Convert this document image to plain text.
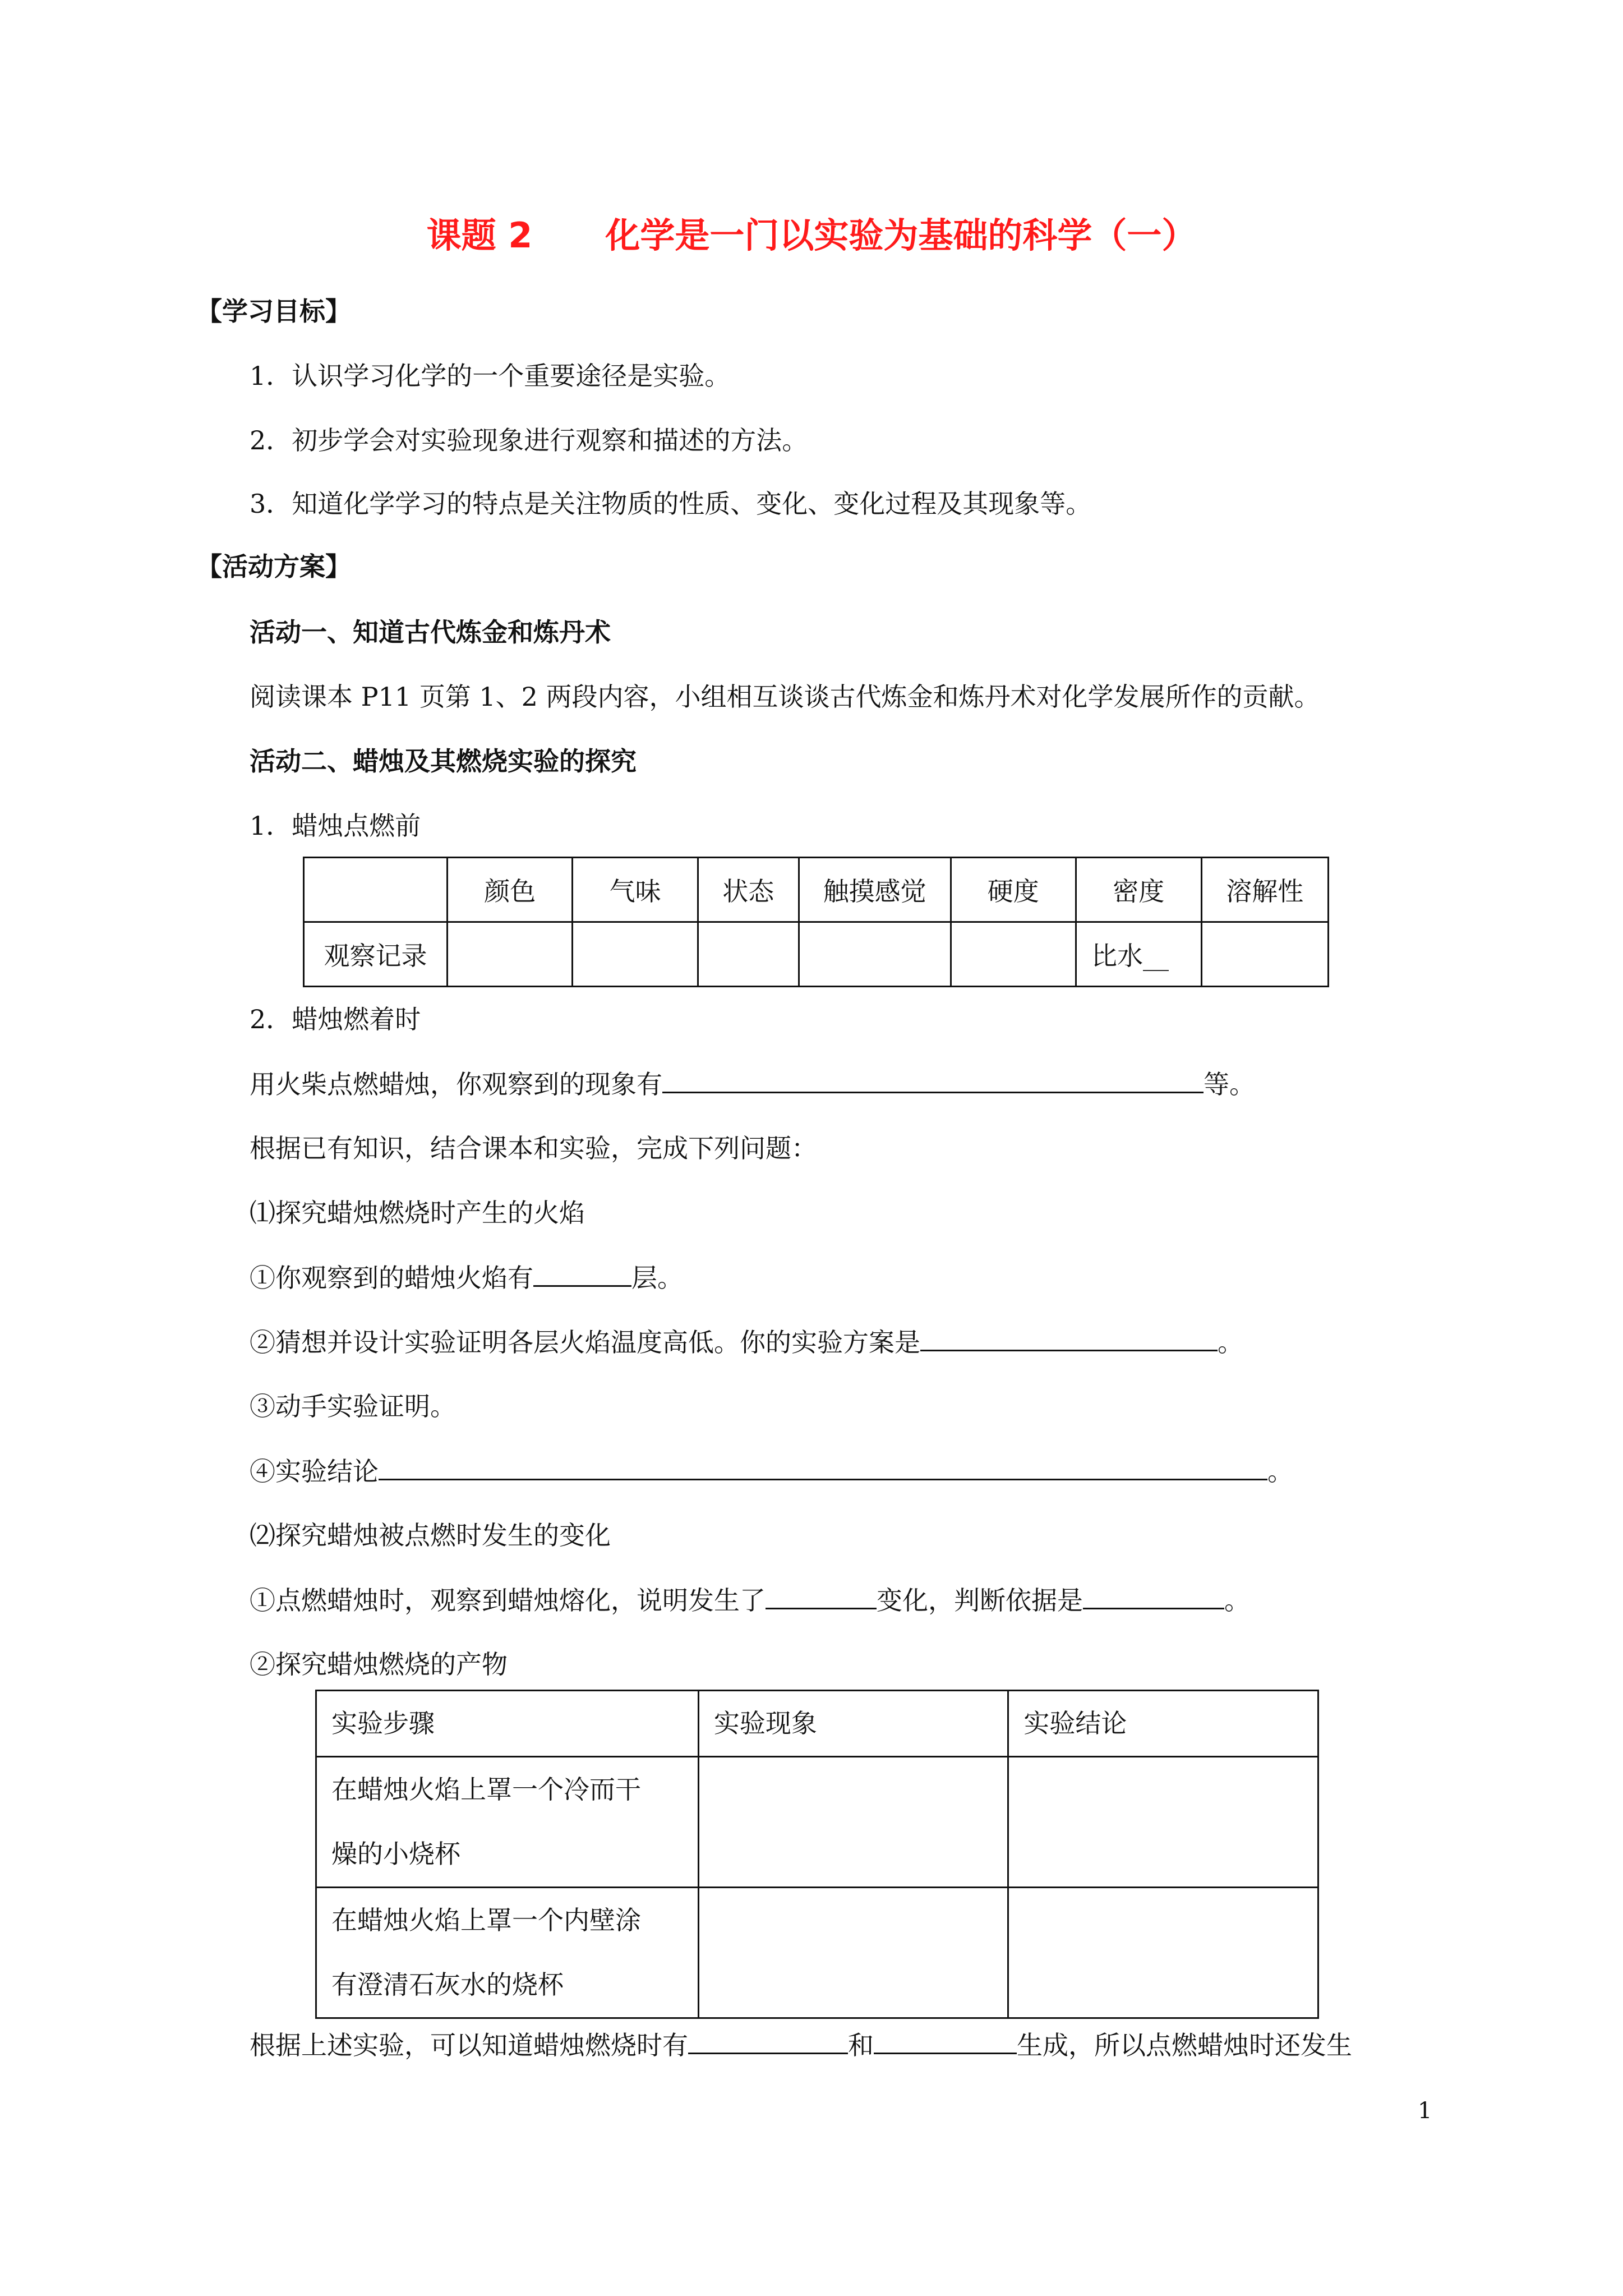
课题 2 化学是一门以实验为基础的科学（一）
【学习目标】
1．认识学习化学的一个重要途径是实验。
2．初步学会对实验现象进行观察和描述的方法。
3．知道化学学习的特点是关注物质的性质、变化、变化过程及其现象等。
【活动方案】
活动一、知道古代炼金和炼丹术
阅读课本 P11 页第 1、2 两段内容，小组相互谈谈古代炼金和炼丹术对化学发展所作的贡献。
活动二、蜡烛及其燃烧实验的探究
1．蜡烛点燃前
	颜色	气味	状态	触摸感觉	硬度	密度	溶解性
观察记录						比水__	
2．蜡烛燃着时
用火柴点燃蜡烛，你观察到的现象有	等。
根据已有知识，结合课本和实验，完成下列问题：
⑴探究蜡烛燃烧时产生的火焰
①你观察到的蜡烛火焰有	层。
②猜想并设计实验证明各层火焰温度高低。你的实验方案是	。
③动手实验证明。
④实验结论	。
⑵探究蜡烛被点燃时发生的变化
①点燃蜡烛时，观察到蜡烛熔化，说明发生了	变化，判断依据是	。
②探究蜡烛燃烧的产物
实验步骤	实验现象	实验结论

在蜡烛火焰上罩一个冷而干
燥的小烧杯		

在蜡烛火焰上罩一个内壁涂
有澄清石灰水的烧杯		

根据上述实验，可以知道蜡烛燃烧时有	和	生成，所以点燃蜡烛时还发生
1
